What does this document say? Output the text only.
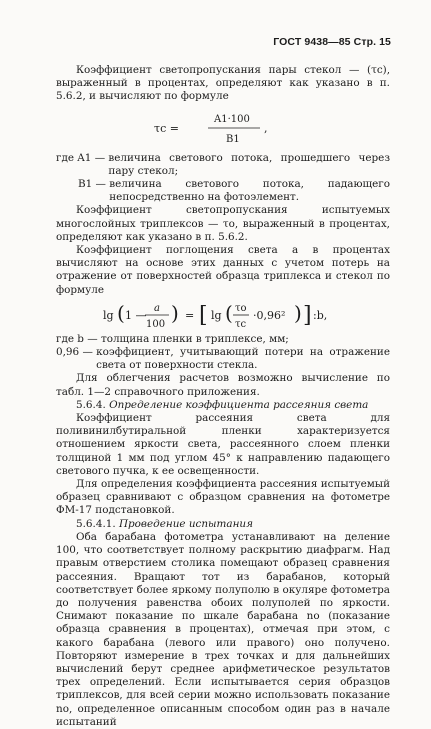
ГОСТ 9438—85 Стр. 15

Коэффициент светопропускания пары стекол — (τс), выраженный в процентах, определяют как указано в п. 5.6.2, и вычисляют по формуле

τс =
A1·100
B1
,
где A1 — величина светового потока, прошедшего через пару стекол;
B1 — величина светового потока, падающего непосредственно на фотоэлемент.

Коэффициент светопропускания испытуемых многослойных триплексов — τо, выраженный в процентах, определяют как указано в п. 5.6.2.

Коэффициент поглощения света a в процентах вычисляют на основе этих данных с учетом потерь на отражение от поверхностей образца триплекса и стекол по формуле

lg ( 1 —
a
100 ) = [ lg ( τо
τс
·0,96² ) ] :b,
где b — толщина пленки в триплексе, мм;
0,96 — коэффициент, учитывающий потери на отражение света от поверхности стекла.

Для облегчения расчетов возможно вычисление по табл. 1—2 справочного приложения.

5.6.4. Определение коэффициента рассеяния света

Коэффициент рассеяния света для поливинилбутиральной пленки характеризуется отношением яркости света, рассеянного слоем пленки толщиной 1 мм под углом 45° к направлению падающего светового пучка, к ее освещенности.

Для определения коэффициента рассеяния испытуемый образец сравнивают с образцом сравнения на фотометре ФМ-17 подстановкой.

5.6.4.1. Проведение испытания

Оба барабана фотометра устанавливают на деление 100, что соответствует полному раскрытию диафрагм. Над правым отверстием столика помещают образец сравнения рассеяния. Вращают тот из барабанов, который соответствует более яркому полуполю в окуляре фотометра до получения равенства обоих полуполей по яркости. Снимают показание по шкале барабана no (показание образца сравнения в процентах), отмечая при этом, с какого барабана (левого или правого) оно получено. Повторяют измерение в трех точках и для дальнейших вычислений берут среднее арифметическое результатов трех определений. Если испытывается серия образцов триплексов, для всей серии можно использовать показание no, определенное описанным способом один раз в начале испытаний
